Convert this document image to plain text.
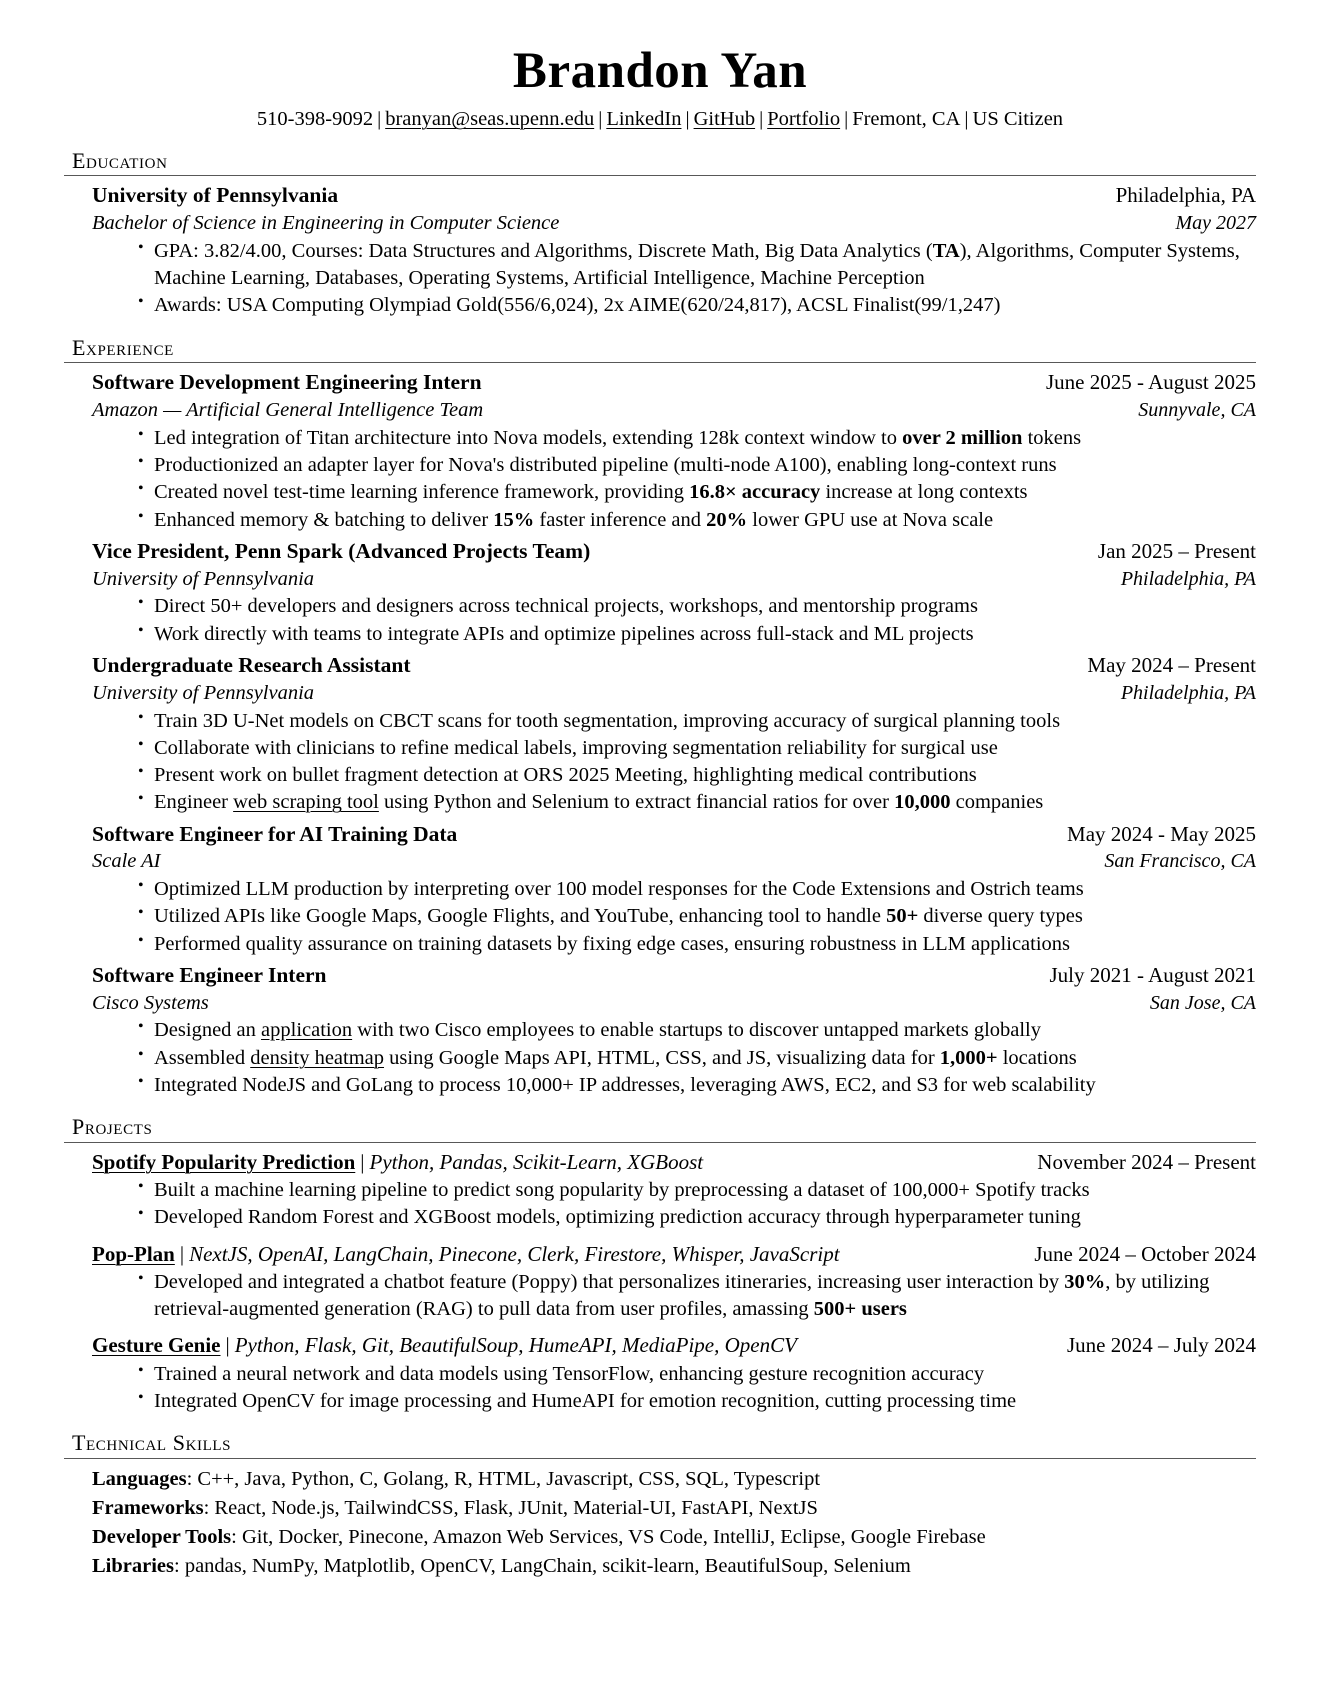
Brandon Yan
510-398-9092 | branyan@seas.upenn.edu | LinkedIn | GitHub | Portfolio | Fremont, CA | US Citizen
Education
University of Pennsylvania	Philadelphia, PA
Bachelor of Science in Engineering in Computer Science	May 2027
• GPA: 3.82/4.00, Courses: Data Structures and Algorithms, Discrete Math, Big Data Analytics (TA), Algorithms, Computer Systems, Machine Learning, Databases, Operating Systems, Artificial Intelligence, Machine Perception
• Awards: USA Computing Olympiad Gold(556/6,024), 2x AIME(620/24,817), ACSL Finalist(99/1,247)
Experience
Software Development Engineering Intern	June 2025 - August 2025
Amazon — Artificial General Intelligence Team	Sunnyvale, CA
• Led integration of Titan architecture into Nova models, extending 128k context window to over 2 million tokens
• Productionized an adapter layer for Nova's distributed pipeline (multi-node A100), enabling long-context runs
• Created novel test-time learning inference framework, providing 16.8× accuracy increase at long contexts
• Enhanced memory & batching to deliver 15% faster inference and 20% lower GPU use at Nova scale
Vice President, Penn Spark (Advanced Projects Team)	Jan 2025 – Present
University of Pennsylvania	Philadelphia, PA
• Direct 50+ developers and designers across technical projects, workshops, and mentorship programs
• Work directly with teams to integrate APIs and optimize pipelines across full-stack and ML projects
Undergraduate Research Assistant	May 2024 – Present
University of Pennsylvania	Philadelphia, PA
• Train 3D U-Net models on CBCT scans for tooth segmentation, improving accuracy of surgical planning tools
• Collaborate with clinicians to refine medical labels, improving segmentation reliability for surgical use
• Present work on bullet fragment detection at ORS 2025 Meeting, highlighting medical contributions
• Engineer web scraping tool using Python and Selenium to extract financial ratios for over 10,000 companies
Software Engineer for AI Training Data	May 2024 - May 2025
Scale AI	San Francisco, CA
• Optimized LLM production by interpreting over 100 model responses for the Code Extensions and Ostrich teams
• Utilized APIs like Google Maps, Google Flights, and YouTube, enhancing tool to handle 50+ diverse query types
• Performed quality assurance on training datasets by fixing edge cases, ensuring robustness in LLM applications
Software Engineer Intern	July 2021 - August 2021
Cisco Systems	San Jose, CA
• Designed an application with two Cisco employees to enable startups to discover untapped markets globally
• Assembled density heatmap using Google Maps API, HTML, CSS, and JS, visualizing data for 1,000+ locations
• Integrated NodeJS and GoLang to process 10,000+ IP addresses, leveraging AWS, EC2, and S3 for web scalability
Projects
Spotify Popularity Prediction | Python, Pandas, Scikit-Learn, XGBoost	November 2024 – Present
• Built a machine learning pipeline to predict song popularity by preprocessing a dataset of 100,000+ Spotify tracks
• Developed Random Forest and XGBoost models, optimizing prediction accuracy through hyperparameter tuning
Pop-Plan | NextJS, OpenAI, LangChain, Pinecone, Clerk, Firestore, Whisper, JavaScript	June 2024 – October 2024
• Developed and integrated a chatbot feature (Poppy) that personalizes itineraries, increasing user interaction by 30%, by utilizing retrieval-augmented generation (RAG) to pull data from user profiles, amassing 500+ users
Gesture Genie | Python, Flask, Git, BeautifulSoup, HumeAPI, MediaPipe, OpenCV	June 2024 – July 2024
• Trained a neural network and data models using TensorFlow, enhancing gesture recognition accuracy
• Integrated OpenCV for image processing and HumeAPI for emotion recognition, cutting processing time
Technical Skills
Languages: C++, Java, Python, C, Golang, R, HTML, Javascript, CSS, SQL, Typescript
Frameworks: React, Node.js, TailwindCSS, Flask, JUnit, Material-UI, FastAPI, NextJS
Developer Tools: Git, Docker, Pinecone, Amazon Web Services, VS Code, IntelliJ, Eclipse, Google Firebase
Libraries: pandas, NumPy, Matplotlib, OpenCV, LangChain, scikit-learn, BeautifulSoup, Selenium
